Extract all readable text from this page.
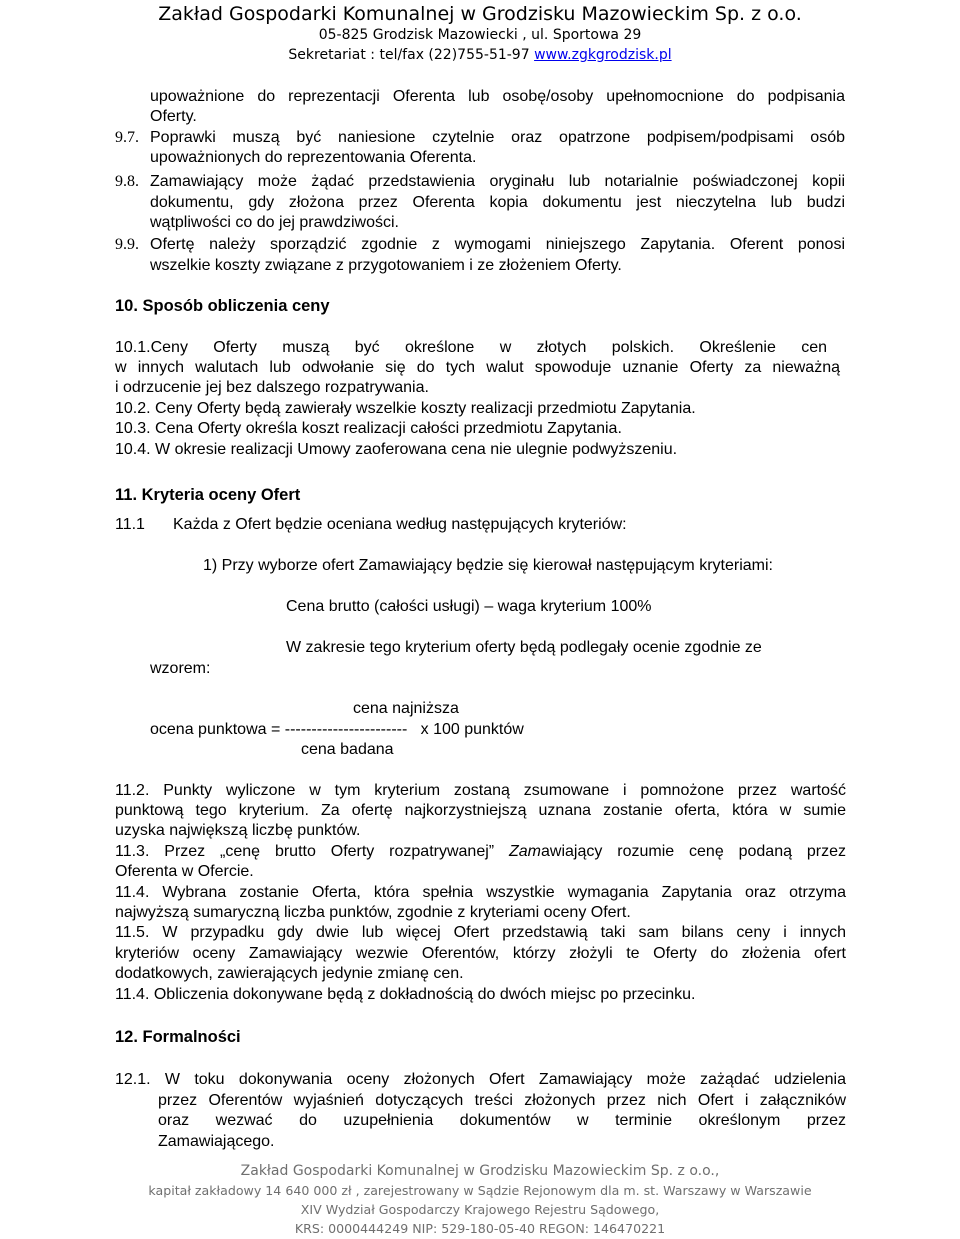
Zakład Gospodarki Komunalnej w Grodzisku Mazowieckim Sp. z o.o.
05-825 Grodzisk Mazowiecki , ul. Sportowa 29
Sekretariat : tel/fax (22)755-51-97 www.zgkgrodzisk.pl
upoważnione do reprezentacji Oferenta lub osobę/osoby upełnomocnione do podpisania
Oferty.
9.7. Poprawki muszą być naniesione czytelnie oraz opatrzone podpisem/podpisami osób
upoważnionych do reprezentowania Oferenta.
9.8. Zamawiający może żądać przedstawienia oryginału lub notarialnie poświadczonej kopii
dokumentu, gdy złożona przez Oferenta kopia dokumentu jest nieczytelna lub budzi
wątpliwości co do jej prawdziwości.
9.9. Ofertę należy sporządzić zgodnie z wymogami niniejszego Zapytania. Oferent ponosi
wszelkie koszty związane z przygotowaniem i ze złożeniem Oferty.
10. Sposób obliczenia ceny
10.1.Ceny Oferty muszą być określone w złotych polskich. Określenie cen
w innych walutach lub odwołanie się do tych walut spowoduje uznanie Oferty za nieważną
i odrzucenie jej bez dalszego rozpatrywania.
10.2. Ceny Oferty będą zawierały wszelkie koszty realizacji przedmiotu Zapytania.
10.3. Cena Oferty określa koszt realizacji całości przedmiotu Zapytania.
10.4. W okresie realizacji Umowy zaoferowana cena nie ulegnie podwyższeniu.
11. Kryteria oceny Ofert
11.1 Każda z Ofert będzie oceniana według następujących kryteriów:
1) Przy wyborze ofert Zamawiający będzie się kierował następującym kryteriami:
Cena brutto (całości usługi) – waga kryterium 100%
W zakresie tego kryterium oferty będą podlegały ocenie zgodnie ze
wzorem:
cena najniższa
ocena punktowa = -----------------------   x 100 punktów
cena badana
11.2. Punkty wyliczone w tym kryterium zostaną zsumowane i pomnożone przez wartość
punktową tego kryterium. Za ofertę najkorzystniejszą uznana zostanie oferta, która w sumie
uzyska największą liczbę punktów.
11.3. Przez „cenę brutto Oferty rozpatrywanej” Zamawiający rozumie cenę podaną przez
Oferenta w Ofercie.
11.4. Wybrana zostanie Oferta, która spełnia wszystkie wymagania Zapytania oraz otrzyma
najwyższą sumaryczną liczba punktów, zgodnie z kryteriami oceny Ofert.
11.5. W przypadku gdy dwie lub więcej Ofert przedstawią taki sam bilans ceny i innych
kryteriów oceny Zamawiający wezwie Oferentów, którzy złożyli te Oferty do złożenia ofert
dodatkowych, zawierających jedynie zmianę cen.
11.4. Obliczenia dokonywane będą z dokładnością do dwóch miejsc po przecinku.
12. Formalności
12.1. W toku dokonywania oceny złożonych Ofert Zamawiający może zażądać udzielenia
przez Oferentów wyjaśnień dotyczących treści złożonych przez nich Ofert i załączników
oraz wezwać do uzupełnienia dokumentów w terminie określonym przez
Zamawiającego.
Zakład Gospodarki Komunalnej w Grodzisku Mazowieckim Sp. z o.o.,
kapitał zakładowy 14 640 000 zł , zarejestrowany w Sądzie Rejonowym dla m. st. Warszawy w Warszawie
XIV Wydział Gospodarczy Krajowego Rejestru Sądowego,
KRS: 0000444249 NIP: 529-180-05-40 REGON: 146470221
